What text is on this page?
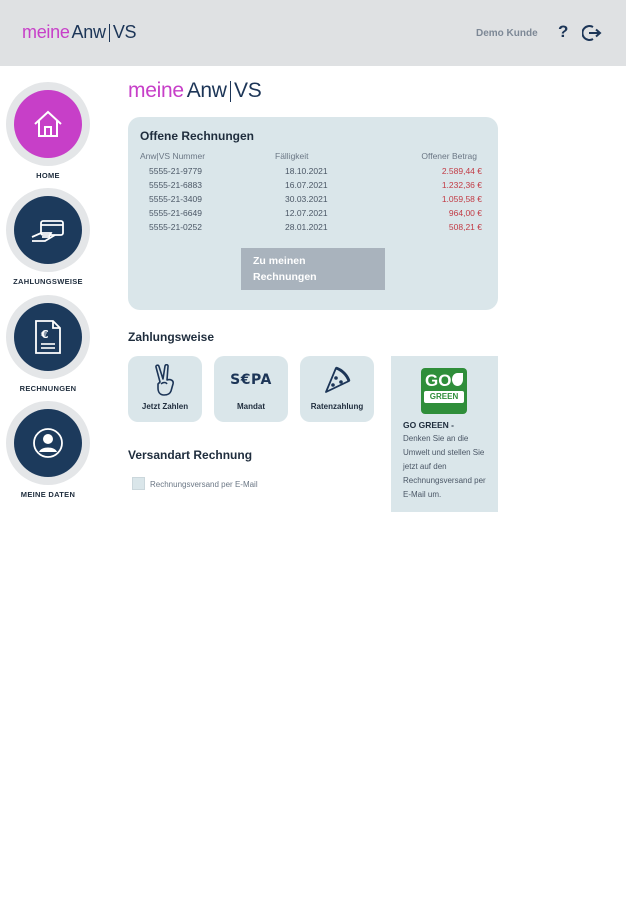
meine Anw VS	Demo Kunde ?
HOME
ZAHLUNGSWEISE
€
RECHNUNGEN
MEINE DATEN
meine Anw VS
Offene Rechnungen
Anw|VS Nummer	Fälligkeit	Offener Betrag
5555-21-9779	18.10.2021	2.589,44 €
5555-21-6883	16.07.2021	1.232,36 €
5555-21-3409	30.03.2021	1.059,58 €
5555-21-6649	12.07.2021	964,00 €
5555-21-0252	28.01.2021	508,21 €
Zu meinen
Rechnungen
Zahlungsweise
Jetzt Zahlen
S€PA
Mandat	Ratenzahlung
GO
GREEN
GO GREEN -
Denken Sie an die Umwelt und stellen Sie jetzt auf den Rechnungsversand per E-Mail um.
Versandart Rechnung
Rechnungsversand per E-Mail
